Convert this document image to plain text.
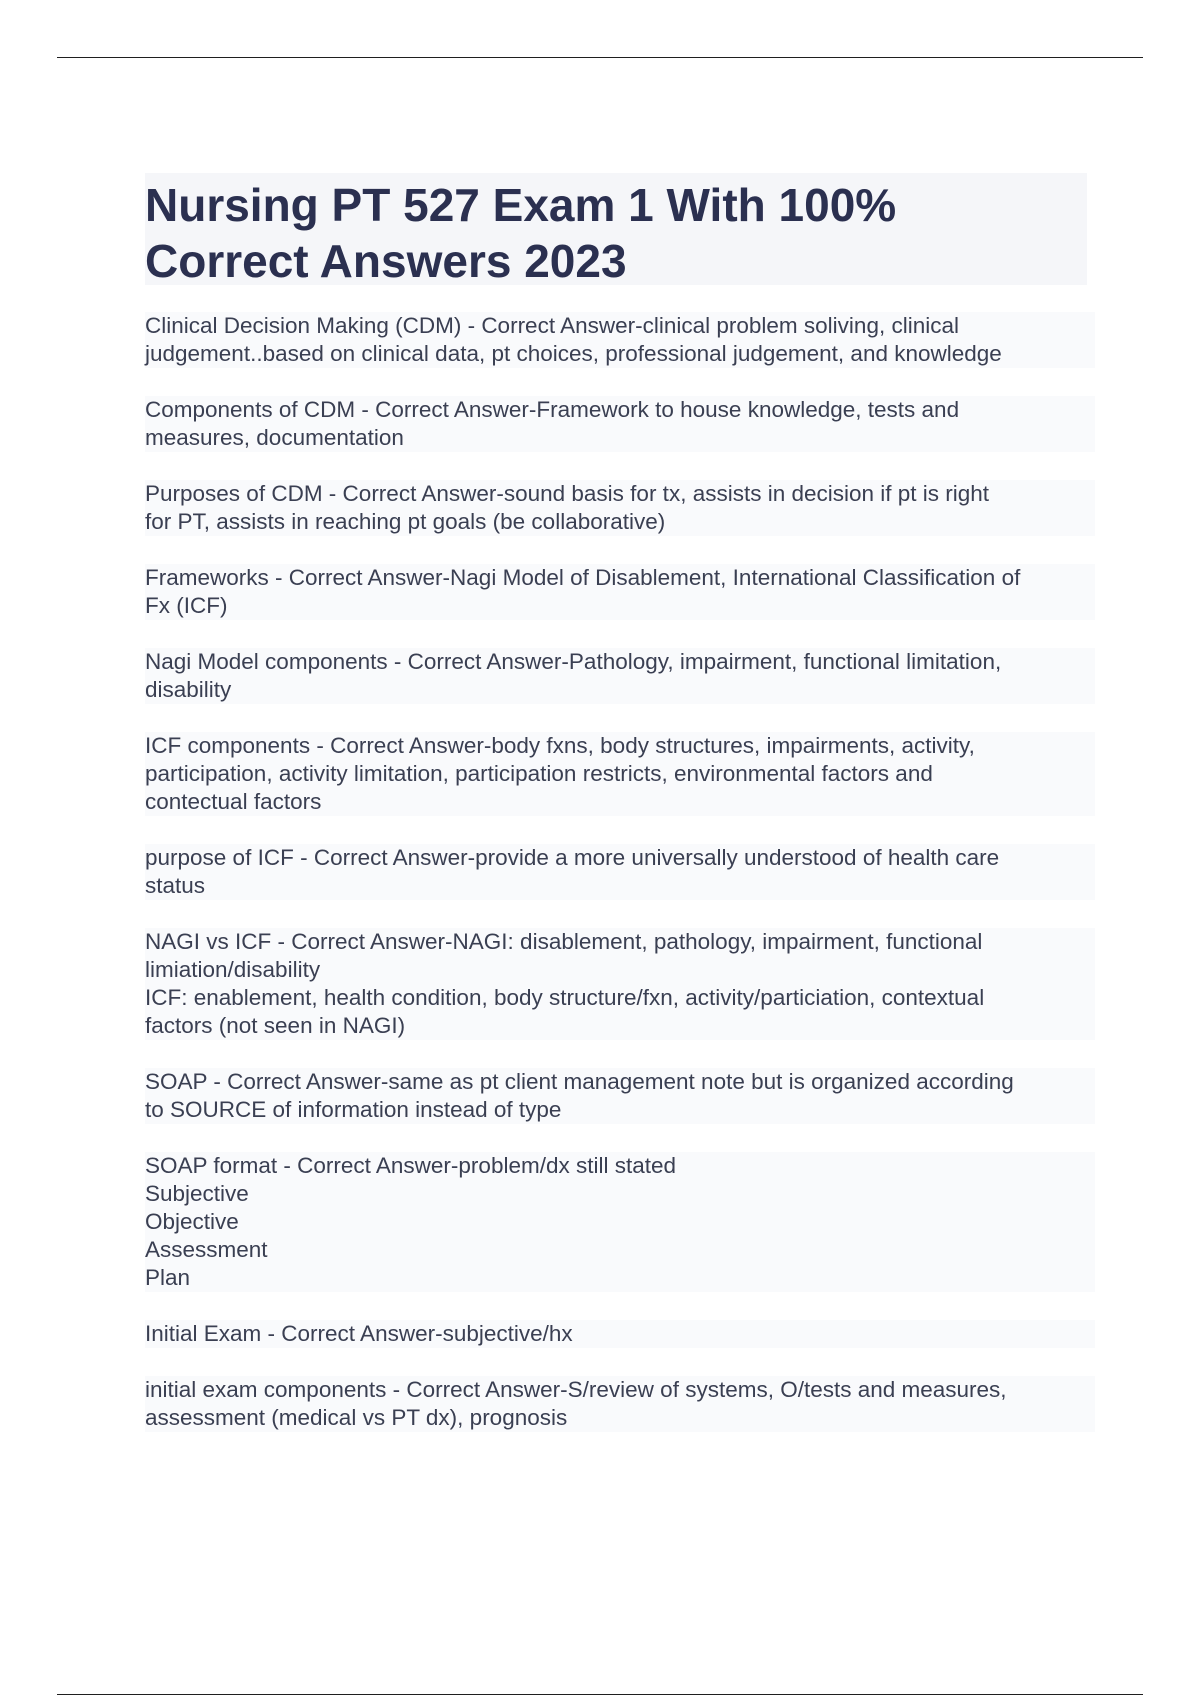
Nursing PT 527 Exam 1 With 100%
Correct Answers 2023

Clinical Decision Making (CDM) - Correct Answer-clinical problem soliving, clinical
judgement..based on clinical data, pt choices, professional judgement, and knowledge

Components of CDM - Correct Answer-Framework to house knowledge, tests and
measures, documentation

Purposes of CDM - Correct Answer-sound basis for tx, assists in decision if pt is right
for PT, assists in reaching pt goals (be collaborative)

Frameworks - Correct Answer-Nagi Model of Disablement, International Classification of
Fx (ICF)

Nagi Model components - Correct Answer-Pathology, impairment, functional limitation,
disability

ICF components - Correct Answer-body fxns, body structures, impairments, activity,
participation, activity limitation, participation restricts, environmental factors and
contectual factors

purpose of ICF - Correct Answer-provide a more universally understood of health care
status

NAGI vs ICF - Correct Answer-NAGI: disablement, pathology, impairment, functional
limiation/disability
ICF: enablement, health condition, body structure/fxn, activity/particiation, contextual
factors (not seen in NAGI)

SOAP - Correct Answer-same as pt client management note but is organized according
to SOURCE of information instead of type

SOAP format - Correct Answer-problem/dx still stated
Subjective
Objective
Assessment
Plan

Initial Exam - Correct Answer-subjective/hx

initial exam components - Correct Answer-S/review of systems, O/tests and measures,
assessment (medical vs PT dx), prognosis
